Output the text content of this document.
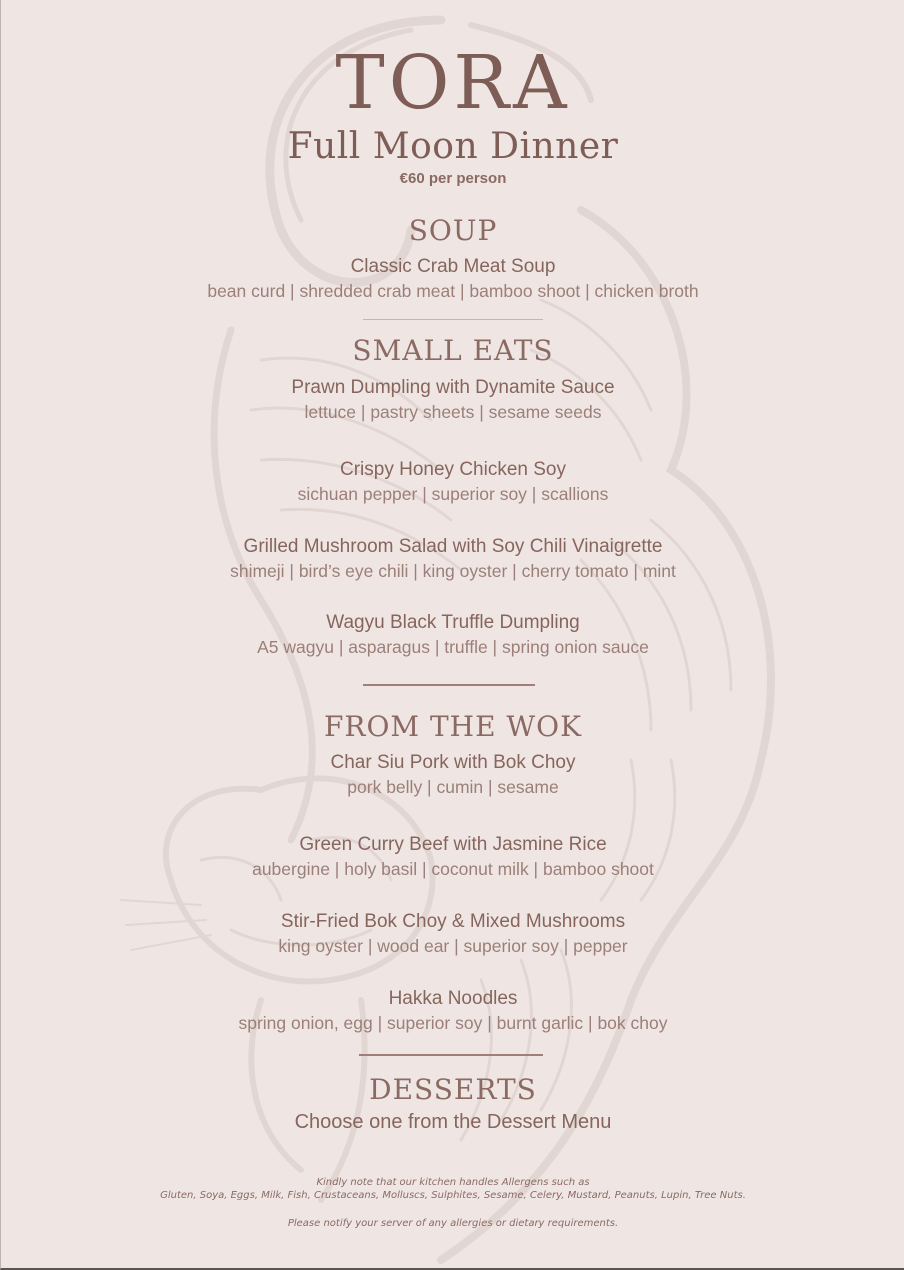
TORA
Full Moon Dinner
€60 per person
SOUP
Classic Crab Meat Soup
bean curd | shredded crab meat | bamboo shoot | chicken broth
SMALL EATS
Prawn Dumpling with Dynamite Sauce
lettuce | pastry sheets | sesame seeds
Crispy Honey Chicken Soy
sichuan pepper | superior soy | scallions
Grilled Mushroom Salad with Soy Chili Vinaigrette
shimeji | bird’s eye chili | king oyster | cherry tomato | mint
Wagyu Black Truffle Dumpling
A5 wagyu | asparagus | truffle | spring onion sauce
FROM THE WOK
Char Siu Pork with Bok Choy
pork belly | cumin | sesame
Green Curry Beef with Jasmine Rice
aubergine | holy basil | coconut milk | bamboo shoot
Stir-Fried Bok Choy & Mixed Mushrooms
king oyster | wood ear | superior soy | pepper
Hakka Noodles
spring onion, egg | superior soy | burnt garlic | bok choy
DESSERTS
Choose one from the Dessert Menu
Kindly note that our kitchen handles Allergens such as
Gluten, Soya, Eggs, Milk, Fish, Crustaceans, Molluscs, Sulphites, Sesame, Celery, Mustard, Peanuts, Lupin, Tree Nuts.
Please notify your server of any allergies or dietary requirements.
